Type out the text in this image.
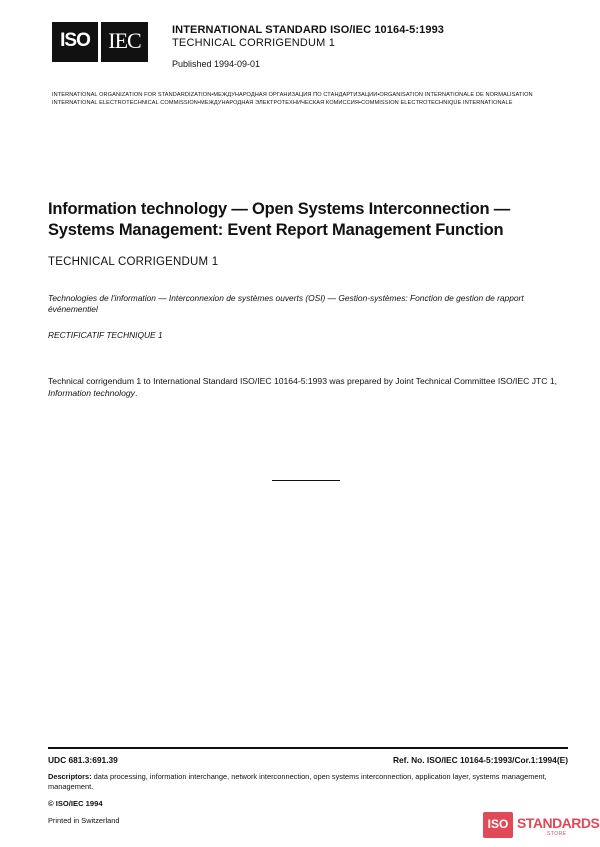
ISO IEC	INTERNATIONAL STANDARD ISO/IEC 10164-5:1993
TECHNICAL CORRIGENDUM 1
Published 1994-09-01
INTERNATIONAL ORGANIZATION FOR STANDARDIZATION•МЕЖДУНАРОДНАЯ ОРГАНИЗАЦИЯ ПО СТАНДАРТИЗАЦИИ•ORGANISATION INTERNATIONALE DE NORMALISATION
INTERNATIONAL ELECTROTECHNICAL COMMISSION•МЕЖДУНАРОДНАЯ ЭЛЕКТРОТЕХНИЧЕСКАЯ КОМИССИЯ•COMMISSION ELECTROTECHNIQUE INTERNATIONALE
Information technology — Open Systems Interconnection —
Systems Management: Event Report Management Function
TECHNICAL CORRIGENDUM 1
Technologies de l'information — Interconnexion de systèmes ouverts (OSI) — Gestion-systèmes: Fonction de gestion de rapport événementiel
RECTIFICATIF TECHNIQUE 1
Technical corrigendum 1 to International Standard ISO/IEC 10164-5:1993 was prepared by Joint Technical Committee ISO/IEC JTC 1, Information technology.
UDC 681.3:691.39	Ref. No. ISO/IEC 10164-5:1993/Cor.1:1994(E)
Descriptors: data processing, information interchange, network interconnection, open systems interconnection, application layer, systems management, management.
© ISO/IEC 1994
Printed in Switzerland	ISO STANDARDS
STORE
